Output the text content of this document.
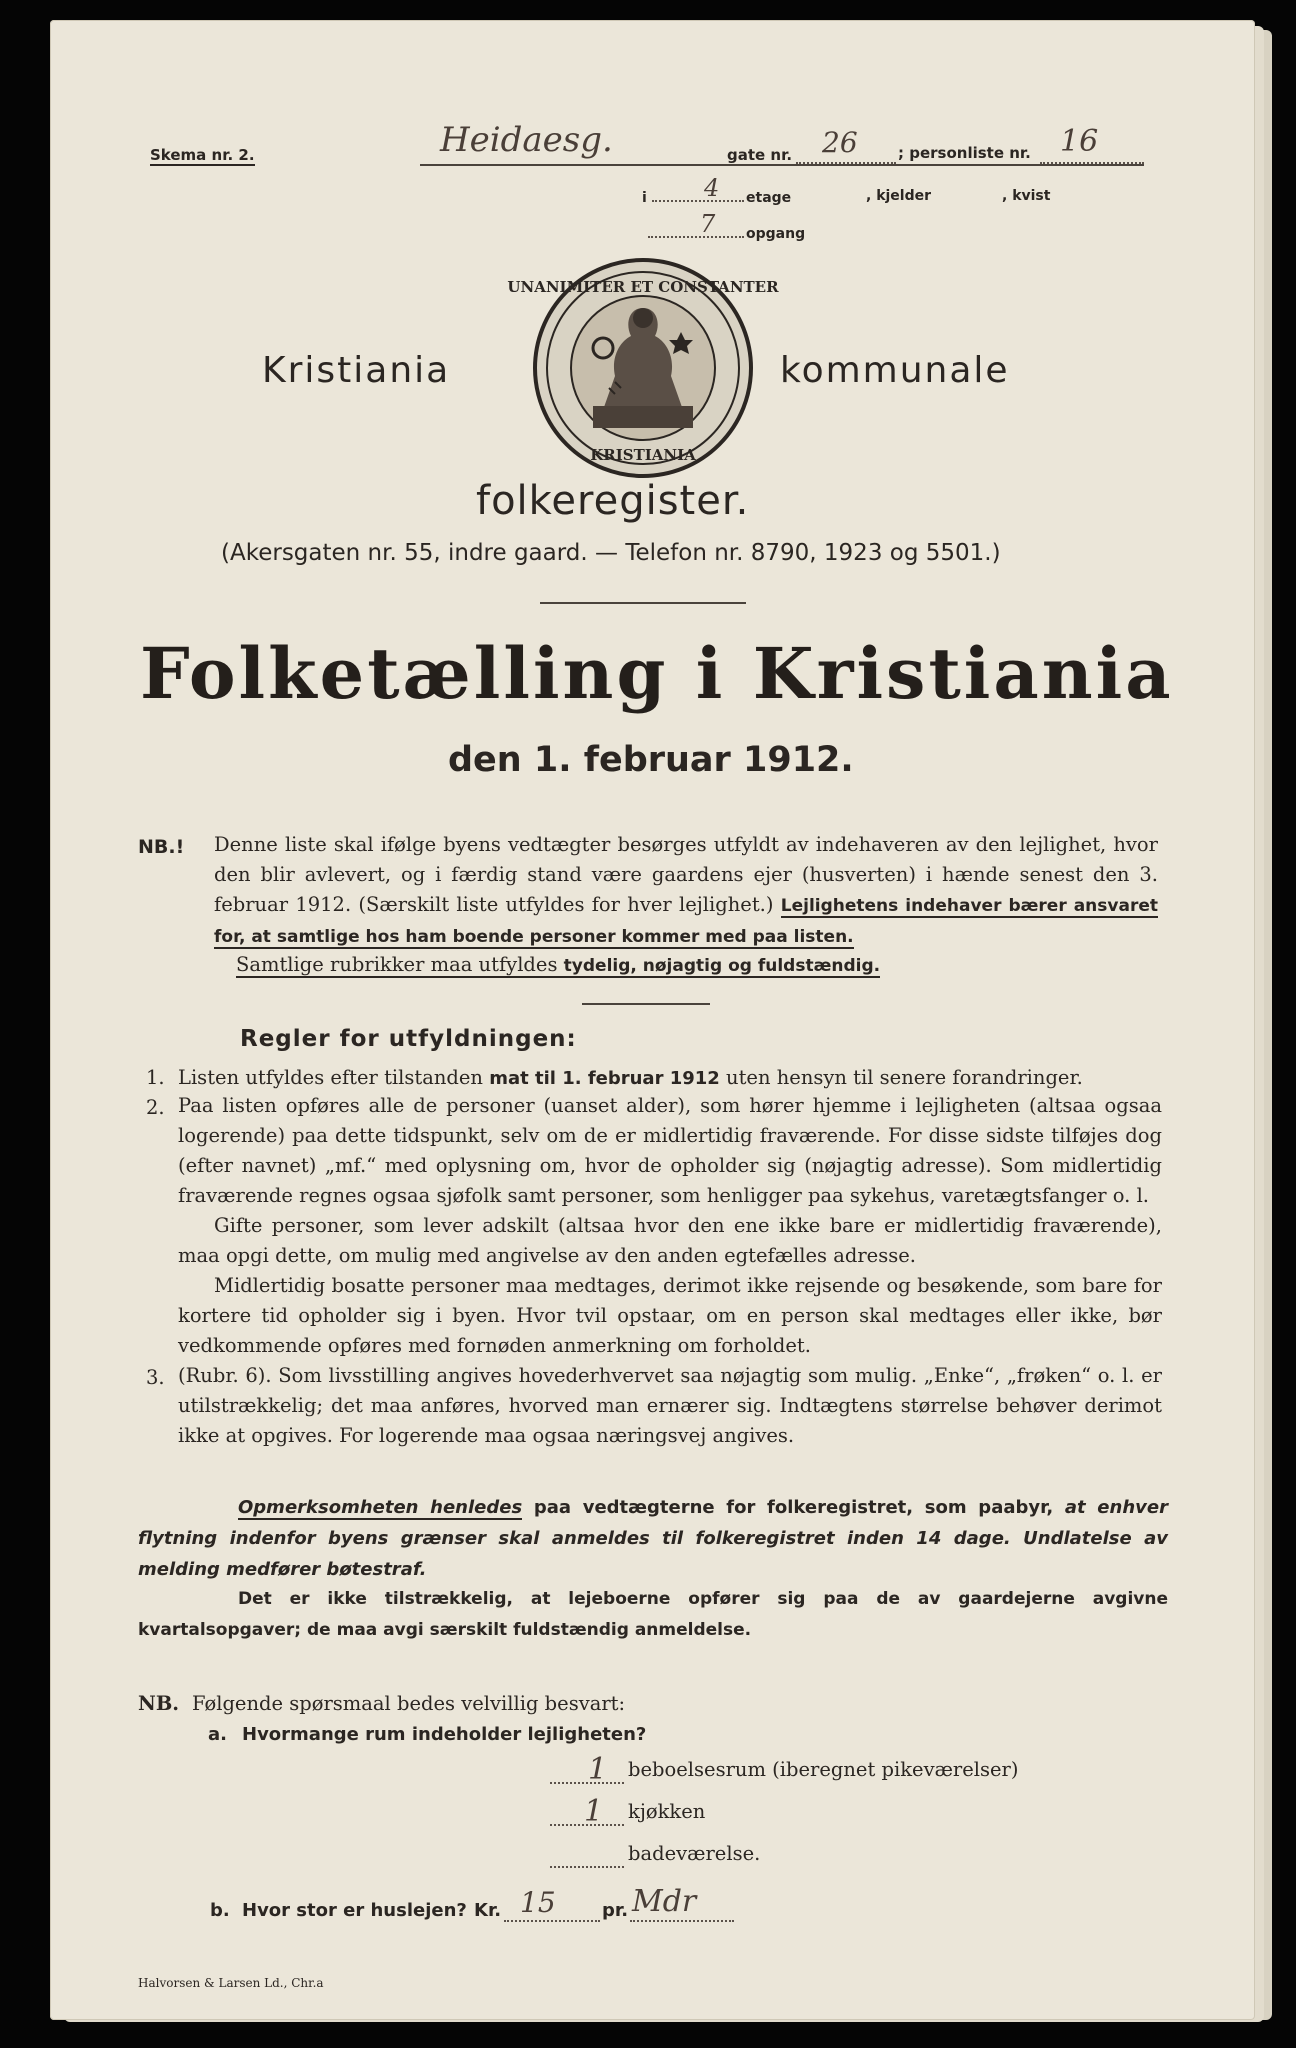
Skema nr. 2.	Heidaesg.	gate nr. 26	; personliste nr. 16
i 4 etage	, kjelder	, kvist
7 opgang
Kristiania	kommunale
UNANIMITER ET CONSTANTER
KRISTIANIA
folkeregister.
(Akersgaten nr. 55, indre gaard. — Telefon nr. 8790, 1923 og 5501.)
Folketælling i Kristiania
den 1. februar 1912.
NB.! Denne liste skal ifølge byens vedtægter besørges utfyldt av indehaveren av den lejlighet, hvor den blir avlevert, og i færdig stand være gaardens ejer (husverten) i hænde senest den 3. februar 1912. (Særskilt liste utfyldes for hver lejlighet.) Lejlighetens indehaver bærer ansvaret for, at samtlige hos ham boende personer kommer med paa listen.

Samtlige rubrikker maa utfyldes tydelig, nøjagtig og fuldstændig.
Regler for utfyldningen:
1. Listen utfyldes efter tilstanden mat til 1. februar 1912 uten hensyn til senere forandringer.
2. Paa listen opføres alle de personer (uanset alder), som hører hjemme i lejligheten (altsaa ogsaa logerende) paa dette tidspunkt, selv om de er midlertidig fraværende. For disse sidste tilføjes dog (efter navnet) „mf.“ med oplysning om, hvor de opholder sig (nøjagtig adresse). Som midlertidig fraværende regnes ogsaa sjøfolk samt personer, som henligger paa sykehus, varetægtsfanger o. l.

Gifte personer, som lever adskilt (altsaa hvor den ene ikke bare er midlertidig fraværende), maa opgi dette, om mulig med angivelse av den anden egtefælles adresse.

Midlertidig bosatte personer maa medtages, derimot ikke rejsende og besøkende, som bare for kortere tid opholder sig i byen. Hvor tvil opstaar, om en person skal medtages eller ikke, bør vedkommende opføres med fornøden anmerkning om forholdet.

3. (Rubr. 6). Som livsstilling angives hovederhvervet saa nøjagtig som mulig. „Enke“, „frøken“ o. l. er utilstrækkelig; det maa anføres, hvorved man ernærer sig. Indtægtens størrelse behøver derimot ikke at opgives. For logerende maa ogsaa næringsvej angives.

Opmerksomheten henledes paa vedtægterne for folkeregistret, som paabyr, at enhver flytning indenfor byens grænser skal anmeldes til folkeregistret inden 14 dage. Undlatelse av melding medfører bøtestraf.

Det er ikke tilstrækkelig, at lejeboerne opfører sig paa de av gaardejerne avgivne kvartalsopgaver; de maa avgi særskilt fuldstændig anmeldelse.

NB. Følgende spørsmaal bedes velvillig besvart:
a. Hvormange rum indeholder lejligheten?
1 beboelsesrum (iberegnet pikeværelser)
1 kjøkken
badeværelse.
b. Hvor stor er huslejen? Kr. 15	pr. Mdr
Halvorsen & Larsen Ld., Chr.a
